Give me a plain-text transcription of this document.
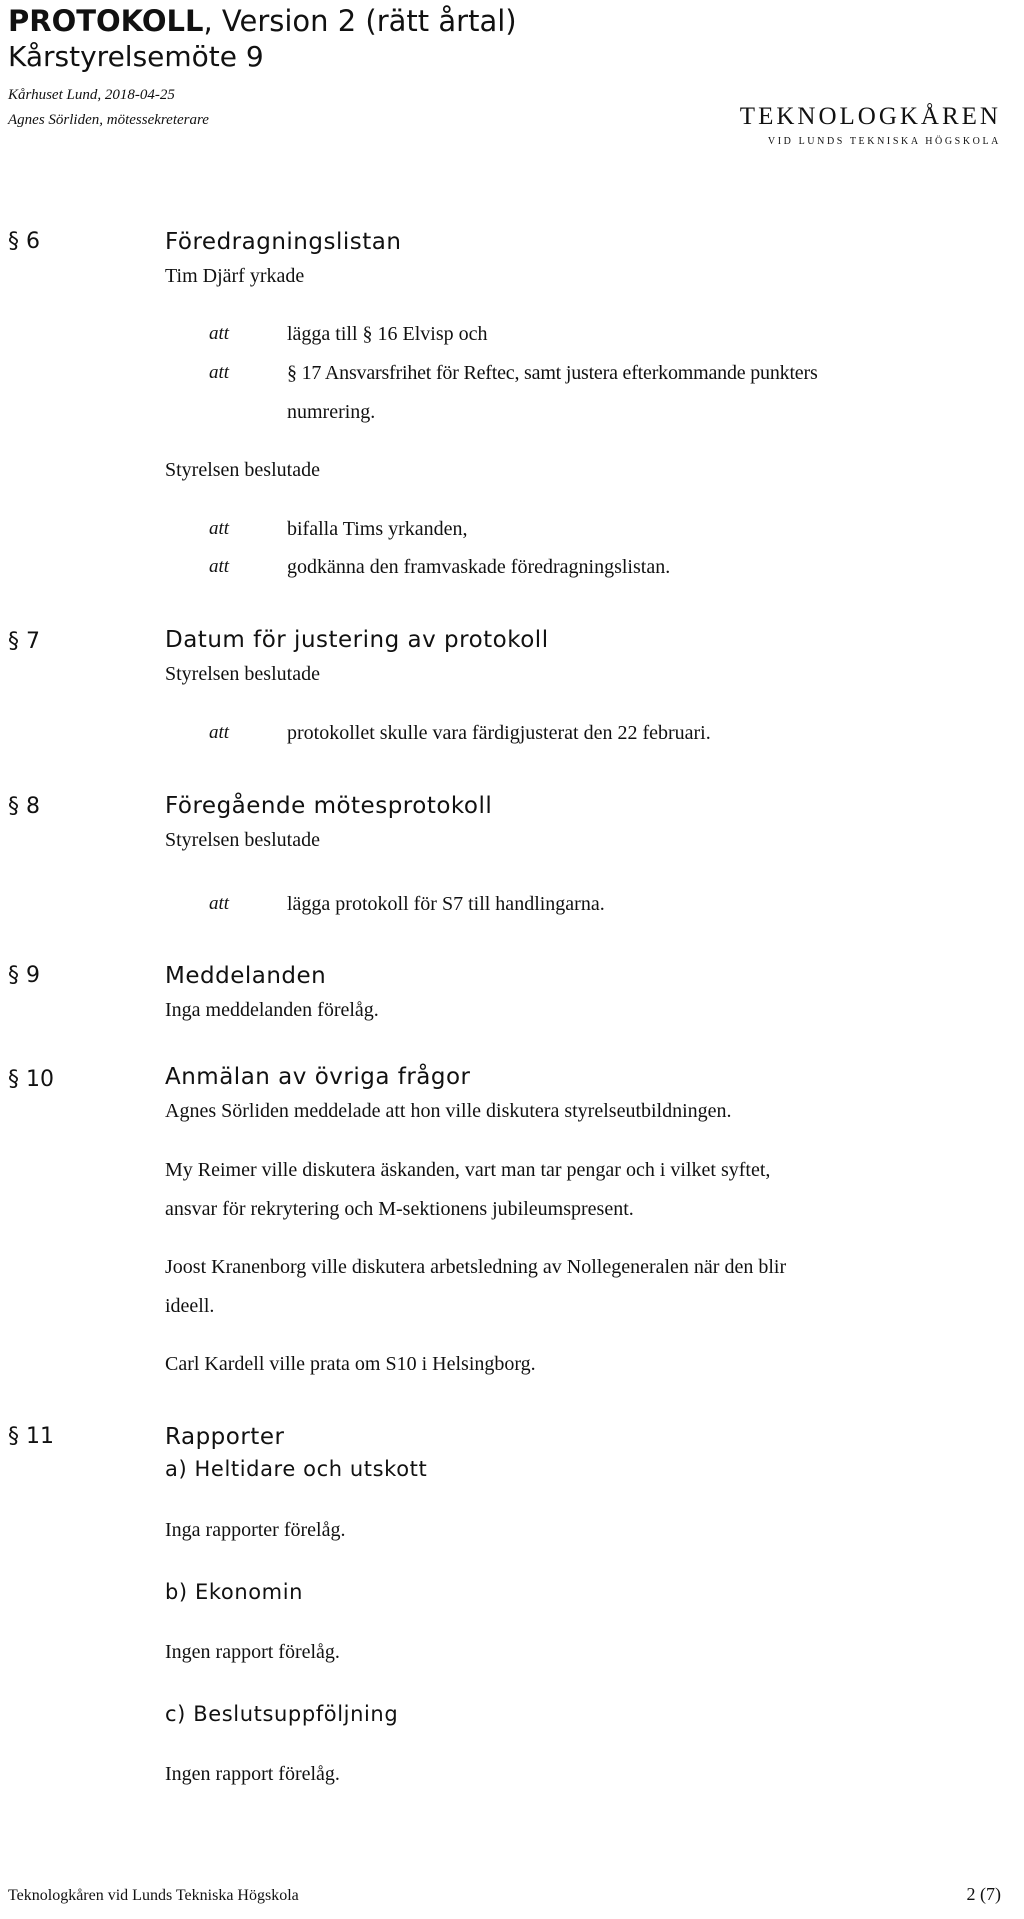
PROTOKOLL, Version 2 (rätt årtal)
Kårstyrelsemöte 9
Kårhuset Lund, 2018-04-25
Agnes Sörliden, mötessekreterare	TEKNOLOGKÅREN
VID LUNDS TEKNISKA HÖGSKOLA
§ 6	Föredragningslistan
Tim Djärf yrkade
att	lägga till § 16 Elvisp och
att	§ 17 Ansvarsfrihet för Reftec, samt justera efterkommande punkters
numrering.
Styrelsen beslutade
att	bifalla Tims yrkanden,
att	godkänna den framvaskade föredragningslistan.
§ 7	Datum för justering av protokoll
Styrelsen beslutade
att	protokollet skulle vara färdigjusterat den 22 februari.
§ 8	Föregående mötesprotokoll
Styrelsen beslutade
att	lägga protokoll för S7 till handlingarna.
§ 9	Meddelanden
Inga meddelanden förelåg.
§ 10	Anmälan av övriga frågor
Agnes Sörliden meddelade att hon ville diskutera styrelseutbildningen.
My Reimer ville diskutera äskanden, vart man tar pengar och i vilket syftet,
ansvar för rekrytering och M-sektionens jubileumspresent.
Joost Kranenborg ville diskutera arbetsledning av Nollegeneralen när den blir
ideell.
Carl Kardell ville prata om S10 i Helsingborg.
§ 11	Rapporter
a) Heltidare och utskott
Inga rapporter förelåg.
b) Ekonomin
Ingen rapport förelåg.
c) Beslutsuppföljning
Ingen rapport förelåg.
Teknologkåren vid Lunds Tekniska Högskola	2 (7)
